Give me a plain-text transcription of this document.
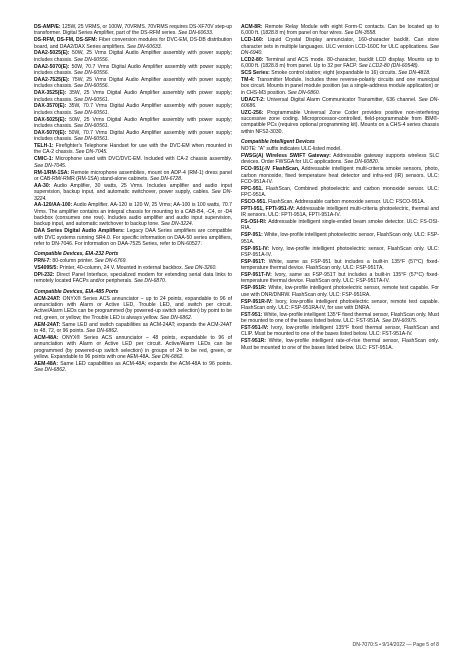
DS-AMP/E: 125W, 25 VRMS, or 100W, 70VRMS. 70VRMS requires DS-XF70V step-up transformer. Digital Series Amplifier, part of the DS-RFM series. See DN-60633.
DS-RFM, DS-FM, DS-SFM: Fiber conversion modules for DVC-EM, DS-DB distribution board, and DAA2/DAX Series amplifiers. See DN-60633.
DAA2-5025(E): 50W, 25 Vrms Digital Audio Amplifier assembly with power supply; includes chassis. See DN-60556.
DAA2-5070(E): 50W, 70.7 Vrms Digital Audio Amplifier assembly with power supply; includes chassis. See DN-60556.
DAA2-7525(E): 75W, 25 Vrms Digital Audio Amplifier assembly with power supply; includes chassis. See DN-60556.
DAX-3525(E): 35W, 25 Vrms Digital Audio Amplifier assembly with power supply; includes chassis. See DN-60561.
DAX-3570(E): 35W, 70.7 Vrms Digital Audio Amplifier assembly with power supply; includes chassis. See DN-60561.
DAX-5025(E): 50W, 25 Vrms Digital Audio Amplifier assembly with power supply; includes chassis. See DN-60561.
DAX-5070(E): 50W, 70.7 Vrms Digital Audio Amplifier assembly with power supply; includes chassis. See DN-60561.
TELH-1: Firefighter's Telephone Handset for use with the DVC-EM when mounted in the CA-2 chassis. See DN-7045.
CMIC-1: Microphone used with DVC/DVC-EM. Included with CA-2 chassis assembly. See DN-7045.
RM-1/RM-1SA: Remote microphone assemblies, mount on ADP-4 (RM-1) dress panel or CAB-RM/-RMR (RM-1SA) stand-alone cabinets. See DN-6728.
AA-30: Audio Amplifier, 30 watts, 25 Vrms. Includes amplifier and audio input supervision, backup input, and automatic switchover, power supply, cables. See DN-3224.
AA-120/AA-100: Audio Amplifier. AA-120 is 120 W, 25 Vrms; AA-100 is 100 watts, 70.7 Vrms. The amplifier contains an integral chassis for mounting to a CAB-B4, -C4, or -D4 backbox (consumes one row). Includes audio amplifier and audio input supervision, backup input, and automatic switchover to backup tone. See DN-3224.
DAA Series Digital Audio Amplifiers: Legacy DAA Series amplifiers are compatible with DVC systems running SR4.0. For specific information on DAA-50 series amplifiers, refer to DN-7046. For information on DAA-7525 Series, refer to DN-60527.
Compatible Devices, EIA-232 Ports
PRN-7: 80-column printer. See DN-6769.
VS4095/5: Printer, 40-column, 24 V. Mounted in external backbox. See DN-3260.
DPI-232: Direct Panel Interface, specialized modem for extending serial data links to remotely located FACPs and/or peripherals. See DN-6870.
Compatible Devices, EIA-485 Ports
ACM-24AT: ONYX® Series ACS annunciator – up to 24 points, expandable to 96 of annunciation with Alarm or Active LED, Trouble LED, and switch per circuit. Active/Alarm LEDs can be programmed (by powered-up switch selection) by point to be red, green, or yellow; the Trouble LED is always yellow. See DN-6862.
AEM-24AT: Same LED and switch capabilities as ACM-24AT; expands the ACM-24AT to 48, 72, or 96 points. See DN-6862.
ACM-48A: ONYX® Series ACS annunciator – 48 points, expandable to 96 of annunciation with Alarm or Active LED per circuit. Active/Alarm LEDs can be programmed (by powered-up switch selection) in groups of 24 to be red, green, or yellow. Expandable to 96 points with one AEM-48A. See DN-6862.
AEM-48A: Same LED capabilities as ACM-48A; expands the ACM-48A to 96 points. See DN-6862.
ACM-8R: Remote Relay Module with eight Form-C contacts. Can be located up to 6,000 ft. (1828.8 m) from panel on four wires. See DN-3558.
LCD-160: Liquid Crystal Display annunciator, 160-character backlit. Can store character sets in multiple languages. ULC version LCD-160C for ULC applications. See DN-6940.
LCD2-80: Terminal and ACS mode. 80-character, backlit LCD display. Mounts up to 6,000 ft. (1828.8 m) from panel. Up to 32 per FACP. See LCD2-80 (DN-60548).
SCS Series: Smoke control station; eight (expandable to 16) circuits. See DN-4818.
TM-4: Transmitter Module. Includes three reverse-polarity circuits and one municipal box circuit. Mounts in panel module position (as a single-address module application) or in CHS-M3 position. See DN-6860.
UDACT-2: Universal Digital Alarm Communicator Transmitter, 636 channel. See DN-60686.
UZC-256: Programmable Universal Zone Coder provides positive non-interfering successive zone coding. Microprocessor-controlled, field-programmable from IBM®-compatible PCs (requires optional programming kit). Mounts on a CHS-4 series chassis within NFS2-3030.
Compatible Intelligent Devices
NOTE: "A" suffix indicates ULC-listed model.
FWSG(A) Wireless SWIFT Gateway: Addressable gateway supports wireless SLC devices. Order FWSGA for ULC applications. See DN-60820.
FCO-951(-IV FlashScan, Addressable intelligent multi-criteria smoke sensors, photo, carbon monoxide, fixed temperature heat detector and infra-red (IR) sensors. ULC: FCO-951A-IV.
FPC-951. FlashScan, Combined photoelectric and carbon monoxide sensor. ULC: FPC-951A.
FSCO-951. FlashScan. Addressable carbon monoxide sensor. ULC: FSCO-951A.
FPTI-951, FPTI-951-IV: Addressable intelligent multi-criteria photoelectric, thermal and IR sensors. ULC: FPTI-951A, FPTI-951A-IV.
FS-OSI-RI: Addressable intelligent single-ended beam smoke detector. ULC: FS-OSI-RIA.
FSP-951: White, low-profile intelligent photoelectric sensor, FlashScan only. ULC: FSP-951A.
FSP-951-IV: Ivory, low-profile intelligent photoelectric sensor, FlashScan only. ULC: FSP-951A-IV.
FSP-951T: White, same as FSP-951 but includes a built-in 135°F (57°C) fixed-temperature thermal device. FlashScan only. ULC: FSP-951TA.
FSP-951T-IV: Ivory, same as FSP-951T but includes a built-in 135°F (57°C) fixed-temperature thermal device. FlashScan only. ULC: FSP-951TA-IV.
FSP-951R: White, low-profile intelligent photoelectric sensor, remote test capable. For use with DNR/DNRW. FlashScan only. ULC: FSP-951RA.
FSP-951R-IV: Ivory, low-profile intelligent photoelectric sensor, remote test capable. FlashScan only. ULC: FSP-951RA-IV, for use with DNRA.
FST-951: White, low-profile intelligent 135°F fixed thermal sensor, FlashScan only. Must be mounted to one of the bases listed below. ULC: FST-951A. See DN-60975.
FST-951-IV: Ivory, low-profile intelligent 135°F fixed thermal sensor, FlashScan and CLIP. Must be mounted to one of the bases listed below. ULC: FST-951A-IV.
FST-951R: White, low-profile intelligent rate-of-rise thermal sensor, FlashScan only. Must be mounted to one of the bases listed below. ULC: FST-951A.
DN-7070:S • 9/14/2022 — Page 5 of 8
